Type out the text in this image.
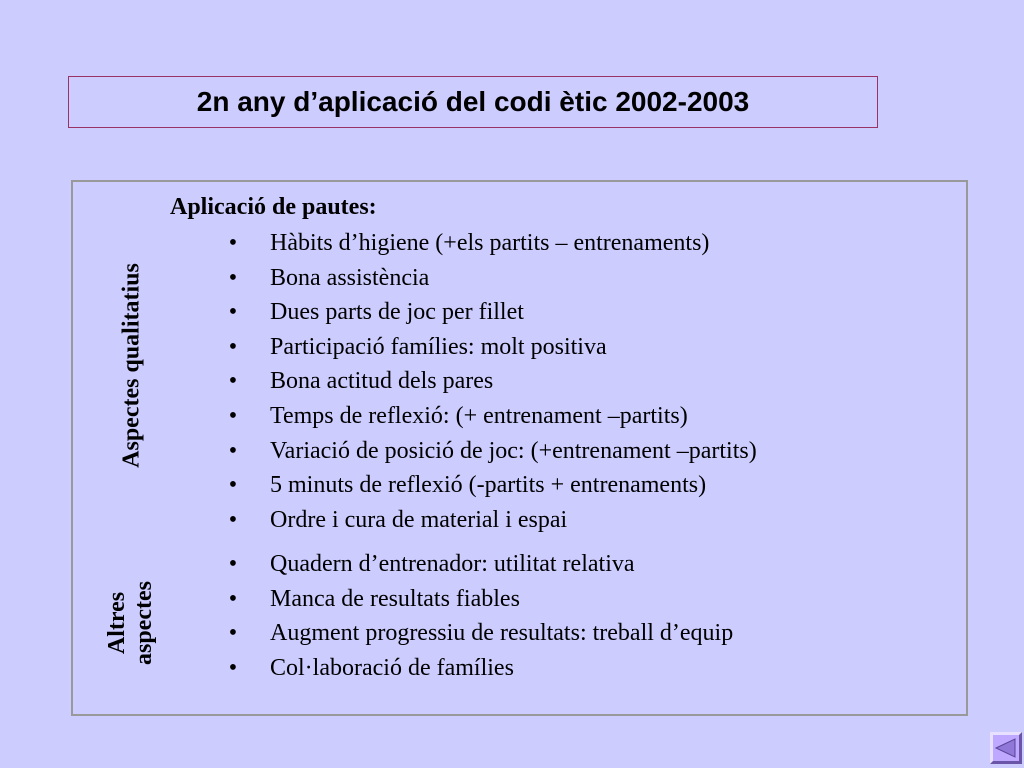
2n any d’aplicació del codi ètic 2002-2003
Aspectes qualitatius
Altres aspectes
Aplicació de pautes:
• Hàbits d’higiene (+els partits – entrenaments)
• Bona assistència
• Dues parts de joc per fillet
• Participació famílies: molt positiva
• Bona actitud dels pares
• Temps de reflexió: (+ entrenament –partits)
• Variació de posició de joc: (+entrenament –partits)
• 5 minuts de reflexió (-partits + entrenaments)
• Ordre i cura de material i espai
• Quadern d’entrenador: utilitat relativa
• Manca de resultats fiables
• Augment progressiu de resultats: treball d’equip
• Col·laboració de famílies
